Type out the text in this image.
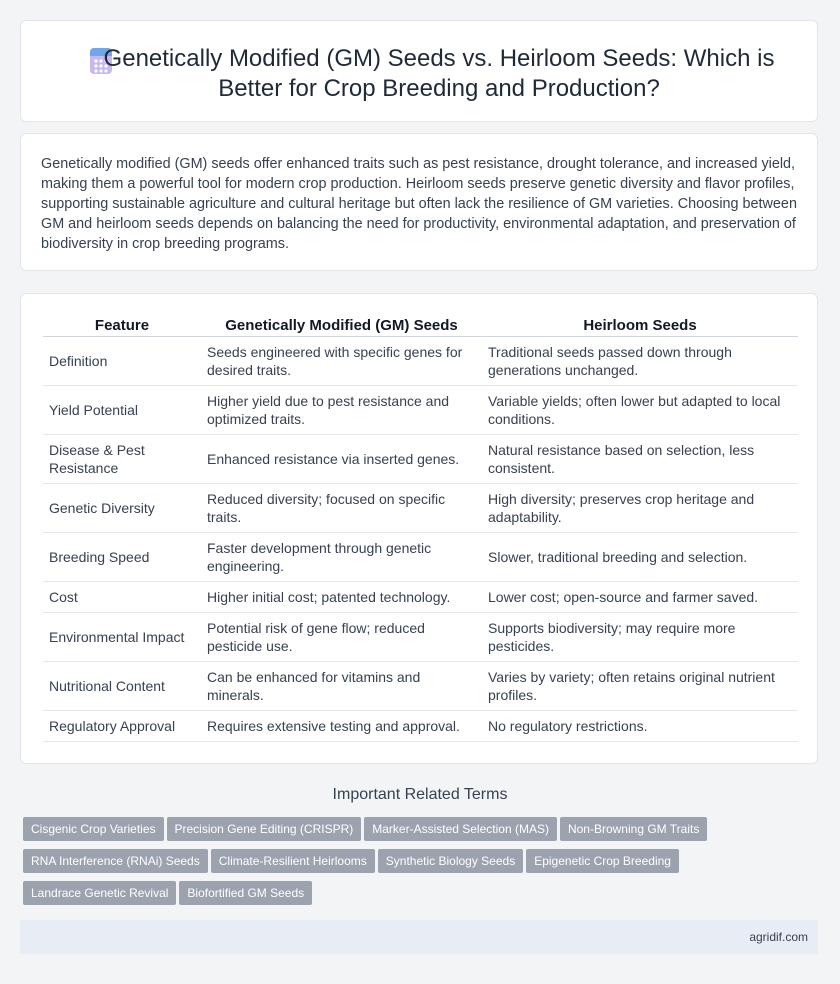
Genetically Modified (GM) Seeds vs. Heirloom Seeds: Which is Better for Crop Breeding and Production?

Genetically modified (GM) seeds offer enhanced traits such as pest resistance, drought tolerance, and increased yield, making them a powerful tool for modern crop production. Heirloom seeds preserve genetic diversity and flavor profiles, supporting sustainable agriculture and cultural heritage but often lack the resilience of GM varieties. Choosing between GM and heirloom seeds depends on balancing the need for productivity, environmental adaptation, and preservation of biodiversity in crop breeding programs.

Feature	Genetically Modified (GM) Seeds	Heirloom Seeds
Definition	Seeds engineered with specific genes for desired traits.	Traditional seeds passed down through generations unchanged.
Yield Potential	Higher yield due to pest resistance and optimized traits.	Variable yields; often lower but adapted to local conditions.
Disease & Pest Resistance	Enhanced resistance via inserted genes.	Natural resistance based on selection, less consistent.
Genetic Diversity	Reduced diversity; focused on specific traits.	High diversity; preserves crop heritage and adaptability.
Breeding Speed	Faster development through genetic engineering.	Slower, traditional breeding and selection.
Cost	Higher initial cost; patented technology.	Lower cost; open-source and farmer saved.
Environmental Impact	Potential risk of gene flow; reduced pesticide use.	Supports biodiversity; may require more pesticides.
Nutritional Content	Can be enhanced for vitamins and minerals.	Varies by variety; often retains original nutrient profiles.
Regulatory Approval	Requires extensive testing and approval.	No regulatory restrictions.
Important Related Terms
Cisgenic Crop Varieties Precision Gene Editing (CRISPR) Marker-Assisted Selection (MAS) Non-Browning GM Traits
RNA Interference (RNAi) Seeds Climate-Resilient Heirlooms Synthetic Biology Seeds Epigenetic Crop Breeding
Landrace Genetic Revival Biofortified GM Seeds
agridif.com
